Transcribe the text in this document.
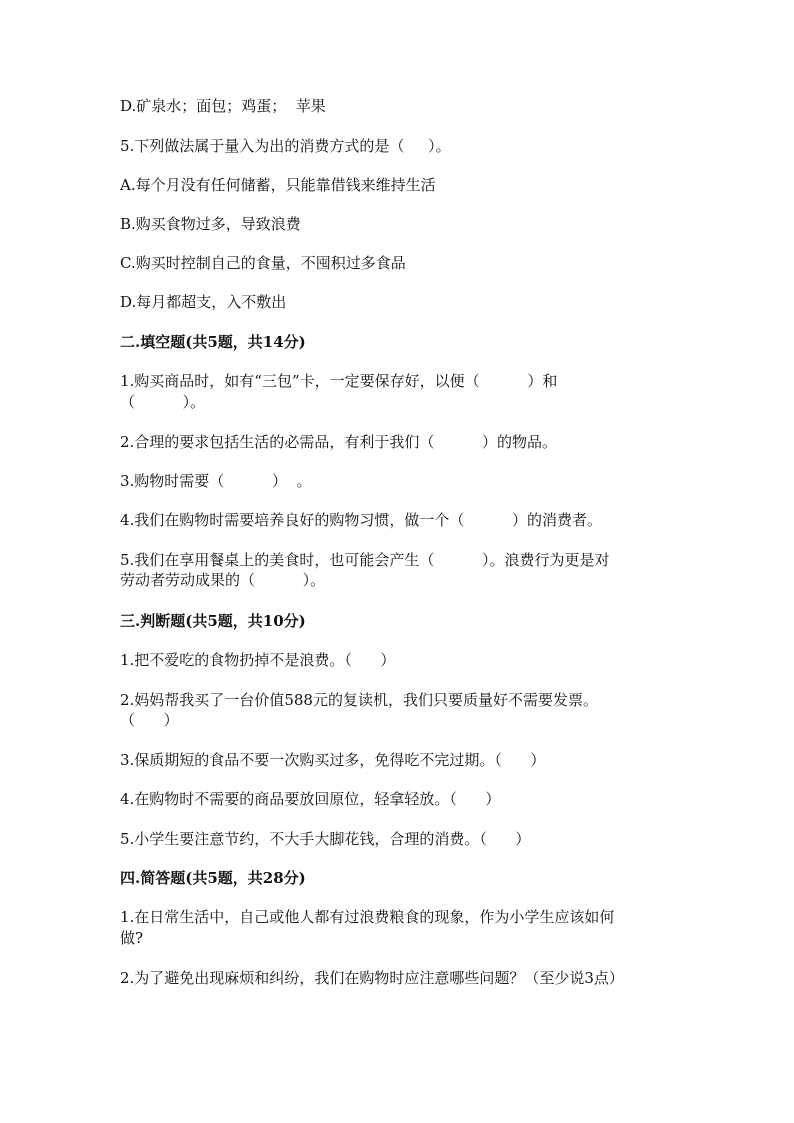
D.矿泉水；面包；鸡蛋；  苹果
5.下列做法属于量入为出的消费方式的是（     ）。
A.每个月没有任何储蓄，只能靠借钱来维持生活
B.购买食物过多，导致浪费
C.购买时控制自己的食量，不囤积过多食品
D.每月都超支，入不敷出
二.填空题(共5题，共14分)
1.购买商品时，如有“三包”卡，一定要保存好，以便（          ）和
（          ）。
2.合理的要求包括生活的必需品，有利于我们（          ）的物品。
3.购物时需要（          ）  。
4.我们在购物时需要培养良好的购物习惯，做一个（          ）的消费者。
5.我们在享用餐桌上的美食时，也可能会产生（          ）。浪费行为更是对
劳动者劳动成果的（          ）。
三.判断题(共5题，共10分)
1.把不爱吃的食物扔掉不是浪费。（      ）
2.妈妈帮我买了一台价值588元的复读机，我们只要质量好不需要发票。
（      ）
3.保质期短的食品不要一次购买过多，免得吃不完过期。（      ）
4.在购物时不需要的商品要放回原位，轻拿轻放。（      ）
5.小学生要注意节约，不大手大脚花钱，合理的消费。（      ）
四.简答题(共5题，共28分)
1.在日常生活中，自己或他人都有过浪费粮食的现象，作为小学生应该如何
做?
2.为了避免出现麻烦和纠纷，我们在购物时应注意哪些问题？（至少说3点）
